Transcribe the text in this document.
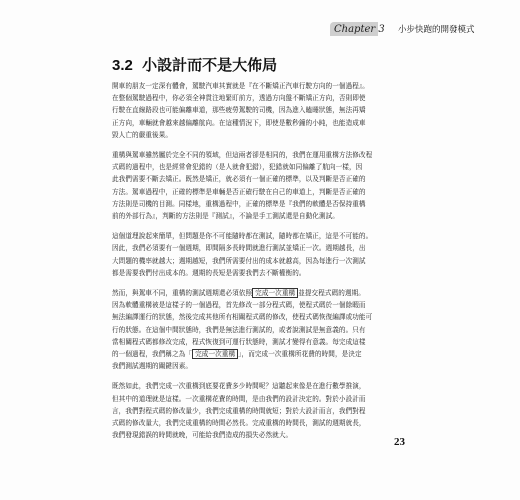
Chapter 3	小步快跑的開發模式
3.2 小設計而不是大佈局

開車的朋友一定深有體會，駕駛汽車其實就是『在不斷矯正汽車行駛方向的一個過程』。
在整個駕駛過程中，你必須全神貫注地緊盯前方，透過方向盤不斷矯正方向，否則即使
行駛在直線路段也可能偏離車道，那些疲勞駕駛的司機，因為進入瞌睡狀態，無法再矯
正方向，車輛就會越來越偏離航向。在這種情況下，即使是數秒鐘的小盹，也能造成車
毀人亡的嚴重後果。

重構與駕車雖然屬於完全不同的領域，但這兩者卻是相同的，我們在運用重構方法修改程
式碼的過程中，也是經常會犯錯的（是人就會犯錯），犯錯就如同偏離了航向一樣，因
此我們需要不斷去矯正。既然是矯正，就必須有一個正確的標準，以及判斷是否正確的
方法。駕車過程中，正確的標準是車輛是否正確行駛在自己的車道上，判斷是否正確的
方法則是司機的目測。同樣地，重構過程中，正確的標準是『我們的軟體是否保持重構
前的外部行為』，判斷的方法則是『測試』，不論是手工測試還是自動化測試。

這個道理說起來簡單，但問題是你不可能隨時都在測試，隨時都在矯正，這是不可能的。
因此，我們必須要有一個週期，即間隔多長時間就進行測試並矯正一次。週期越長，出
大問題的機率就越大；週期越短，我們所需要付出的成本就越高，因為每進行一次測試
都是需要我們付出成本的。週期的長短是需要我們去不斷權衡的。

然而，與駕車不同，重構的測試週期還必須依照 完成一次重構 並提交程式碼的週期。
因為軟體重構被是這樣子的一個過程，首先修改一部分程式碼，使程式碼於一個餘暇而
無法編譯運行的狀態，然後完成其他所有相關程式碼的修改，使程式碼恢復編譯或功能可
行的狀態。在這個中間狀態時，我們是無法進行測試的，或者說測試是無意義的。只有
當相關程式碼都修改完成，程式恢復到可運行狀態時，測試才變得有意義。每完成這樣
的一個過程，我們稱之為「 完成一次重構 」，而完成一次重構所花費的時間，是決定
我們測試週期的關鍵因素。

既然如此，我們完成一次重構到底要花費多少時間呢？這聽起來像是在進行數學推演，
但其中的道理就是這樣。一次重構花費的時間，是由我們的設計決定的。對於小設計而
言，我們對程式碼的修改量少，我們完成重構的時間就短；對於大設計而言，我們對程
式碼的修改量大，我們完成重構的時間必然長。完成重構的時間長，測試的週期就長，
我們發現錯誤的時間就晚，可能給我們造成的損失必然就大。

23
